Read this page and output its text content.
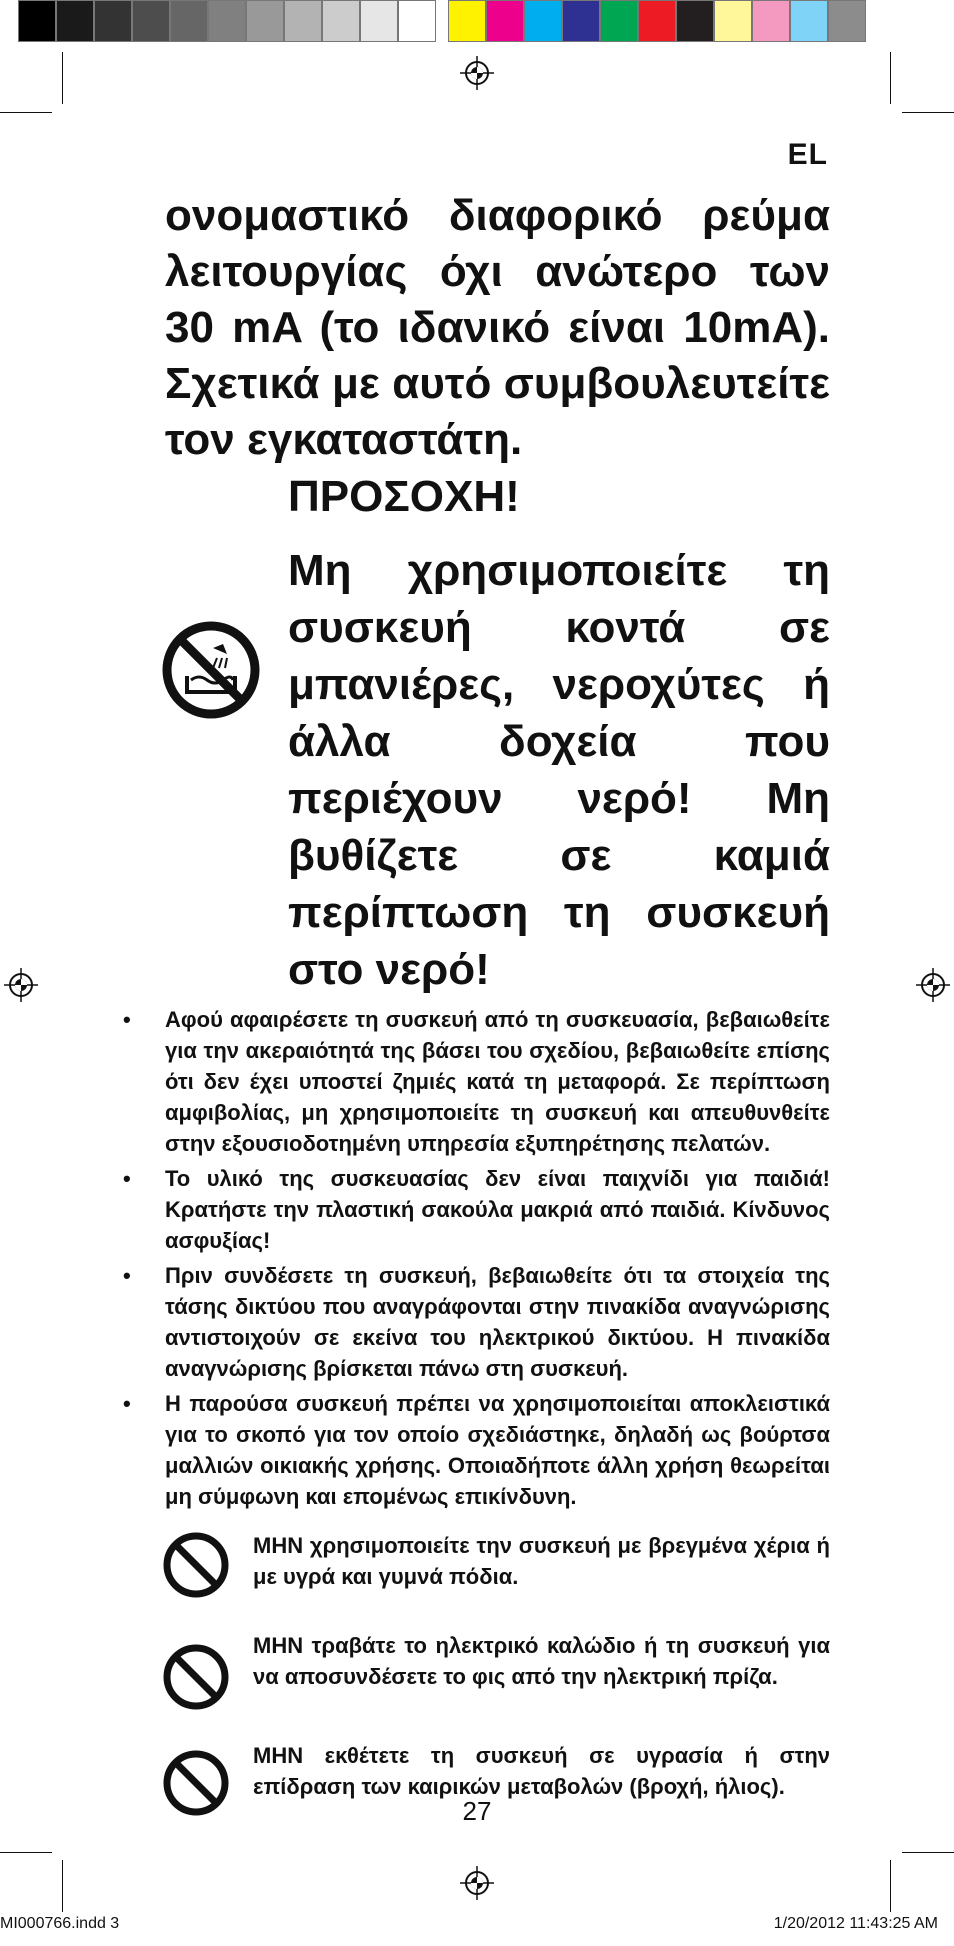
EL

ονομαστικό διαφορικό ρεύμα λειτουργίας όχι ανώτερο των 30 mA (το ιδανικό είναι 10mA). Σχετικά με αυτό συμβουλευτείτε τον εγκαταστάτη.

ΠΡΟΣΟΧΗ!

Μη χρησιμοποιείτε τη συσκευή κοντά σε μπανιέρες, νεροχύτες ή άλλα δοχεία που περιέχουν νερό! Μη βυθίζετε σε καμιά περίπτωση τη συσκευή στο νερό!

• Αφού αφαιρέσετε τη συσκευή από τη συσκευασία, βεβαιωθείτε για την ακεραιότητά της βάσει του σχεδίου, βεβαιωθείτε επίσης ότι δεν έχει υποστεί ζημιές κατά τη μεταφορά. Σε περίπτωση αμφιβολίας, μη χρησιμοποιείτε τη συσκευή και απευθυνθείτε στην εξουσιοδοτημένη υπηρεσία εξυπηρέτησης πελατών.
• Το υλικό της συσκευασίας δεν είναι παιχνίδι για παιδιά! Κρατήστε την πλαστική σακούλα μακριά από παιδιά. Κίνδυνος ασφυξίας!
• Πριν συνδέσετε τη συσκευή, βεβαιωθείτε ότι τα στοιχεία της τάσης δικτύου που αναγράφονται στην πινακίδα αναγνώρισης αντιστοιχούν σε εκείνα του ηλεκτρικού δικτύου. Η πινακίδα αναγνώρισης βρίσκεται πάνω στη συσκευή.
• Η παρούσα συσκευή πρέπει να χρησιμοποιείται αποκλειστικά για το σκοπό για τον οποίο σχεδιάστηκε, δηλαδή ως βούρτσα μαλλιών οικιακής χρήσης. Οποιαδήποτε άλλη χρήση θεωρείται μη σύμφωνη και επομένως επικίνδυνη.

ΜΗΝ χρησιμοποιείτε την συσκευή με βρεγμένα χέρια ή με υγρά και γυμνά πόδια.

ΜΗΝ τραβάτε το ηλεκτρικό καλώδιο ή τη συσκευή για να αποσυνδέσετε το φις από την ηλεκτρική πρίζα.

ΜΗΝ εκθέτετε τη συσκευή σε υγρασία ή στην επίδραση των καιρικών μεταβολών (βροχή, ήλιος).

27
MI000766.indd 3	1/20/2012 11:43:25 AM
